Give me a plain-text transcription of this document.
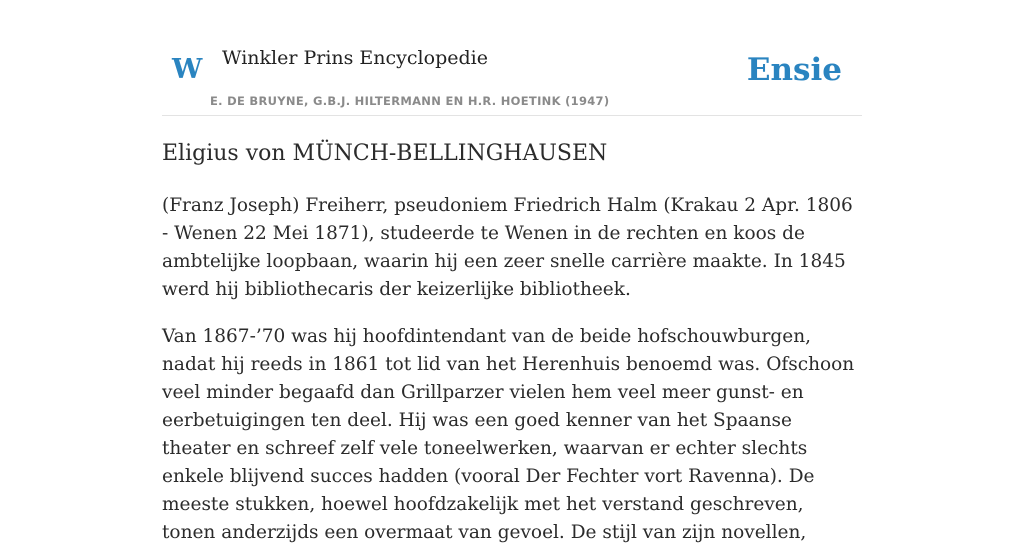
W Winkler Prins Encyclopedie
E. DE BRUYNE, G.B.J. HILTERMANN EN H.R. HOETINK (1947)
Ensie
Eligius von MÜNCH-BELLINGHAUSEN

(Franz Joseph) Freiherr, pseudoniem Friedrich Halm (Krakau 2 Apr. 1806 - Wenen 22 Mei 1871), studeerde te Wenen in de rechten en koos de ambtelijke loopbaan, waarin hij een zeer snelle carrière maakte. In 1845 werd hij bibliothecaris der keizerlijke bibliotheek.

Van 1867-’70 was hij hoofdintendant van de beide hofschouwburgen, nadat hij reeds in 1861 tot lid van het Herenhuis benoemd was. Ofschoon veel minder begaafd dan Grillparzer vielen hem veel meer gunst- en eerbetuigingen ten deel. Hij was een goed kenner van het Spaanse theater en schreef zelf vele toneelwerken, waarvan er echter slechts enkele blijvend succes hadden (vooral Der Fechter vort Ravenna). De meeste stukken, hoewel hoofdzakelijk met het verstand geschreven, tonen anderzijds een overmaat van gevoel. De stijl van zijn novellen,
